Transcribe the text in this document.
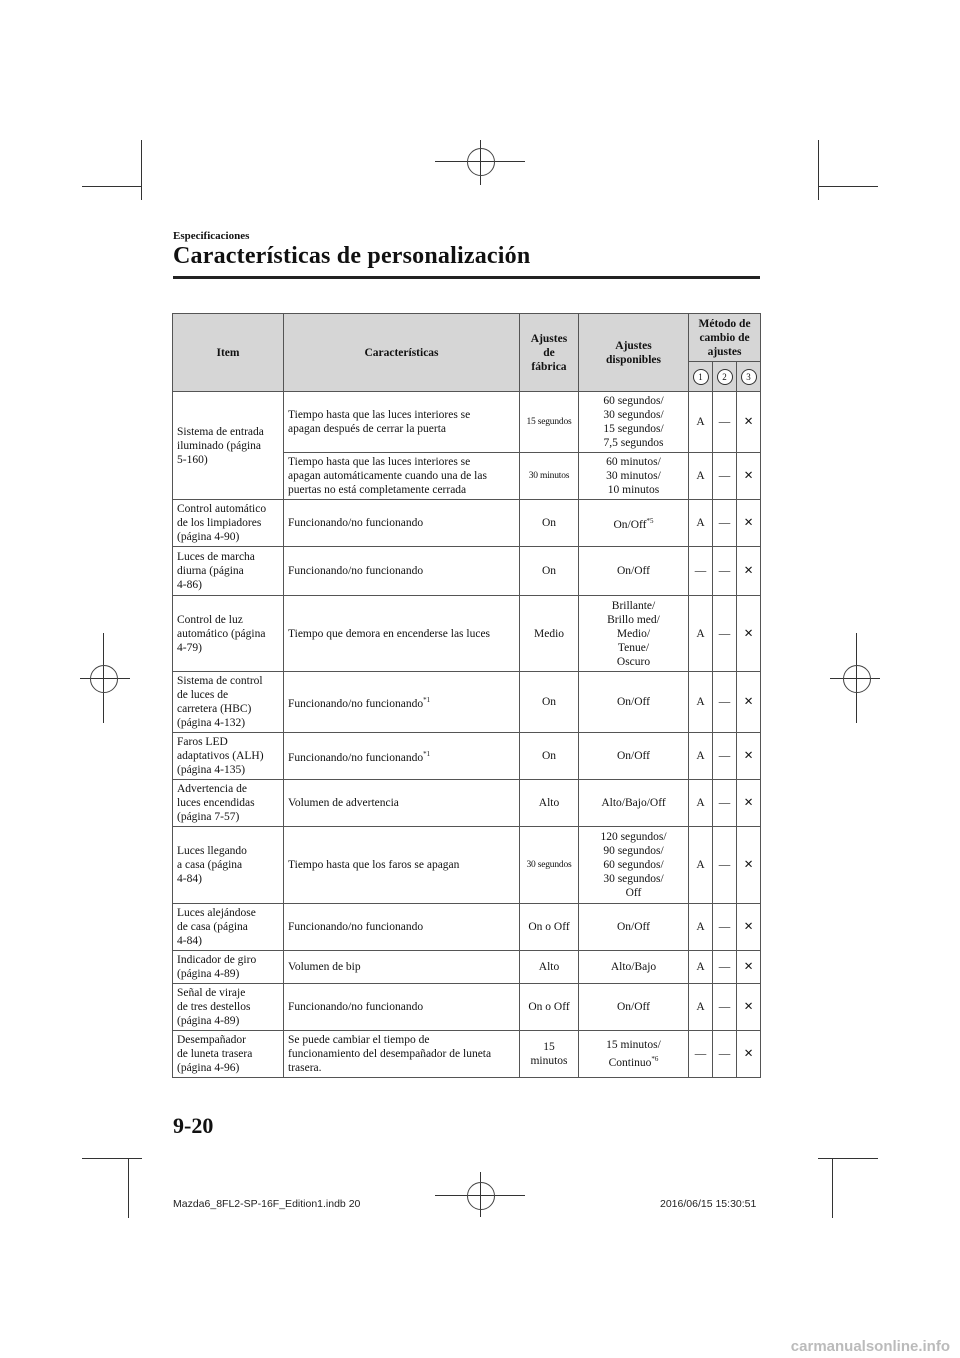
Especificaciones
Características de personalización
Item	Características	Ajustes
de
fábrica	Ajustes
disponibles	Método de
cambio de
ajustes		
				1	2	3
Sistema de entrada
iluminado (página
5-160)	Tiempo hasta que las luces interiores se
apagan después de cerrar la puerta	15 segundos	60 segundos/
30 segundos/
15 segundos/
7,5 segundos	A	—	✕
	Tiempo hasta que las luces interiores se
apagan automáticamente cuando una de las
puertas no está completamente cerrada	30 minutos	60 minutos/
30 minutos/
10 minutos	A	—	✕
Control automático
de los limpiadores
(página 4-90)	Funcionando/no funcionando	On	On/Off$^{*5}$	A	—	✕
Luces de marcha
diurna (página
4-86)	Funcionando/no funcionando	On	On/Off	—	—	✕
Control de luz
automático (página
4-79)	Tiempo que demora en encenderse las luces	Medio	Brillante/
Brillo med/
Medio/
Tenue/
Oscuro	A	—	✕
Sistema de control
de luces de
carretera (HBC)
(página 4-132)	Funcionando/no funcionando$^{*1}$	On	On/Off	A	—	✕
Faros LED
adaptativos (ALH)
(página 4-135)	Funcionando/no funcionando$^{*1}$	On	On/Off	A	—	✕
Advertencia de
luces encendidas
(página 7-57)	Volumen de advertencia	Alto	Alto/Bajo/Off	A	—	✕
Luces llegando
a casa (página
4-84)	Tiempo hasta que los faros se apagan	30 segundos	120 segundos/
90 segundos/
60 segundos/
30 segundos/
Off	A	—	✕
Luces alejándose
de casa (página
4-84)	Funcionando/no funcionando	On o Off	On/Off	A	—	✕
Indicador de giro
(página 4-89)	Volumen de bip	Alto	Alto/Bajo	A	—	✕
Señal de viraje
de tres destellos
(página 4-89)	Funcionando/no funcionando	On o Off	On/Off	A	—	✕
Desempañador
de luneta trasera
(página 4-96)	Se puede cambiar el tiempo de
funcionamiento del desempañador de luneta
trasera.	15 minutos	15 minutos/
Continuo$^{*6}$	—	—	✕
9-20
Mazda6_8FL2-SP-16F_Edition1.indb 20	2016/06/15 15:30:51
carmanualsonline.info
